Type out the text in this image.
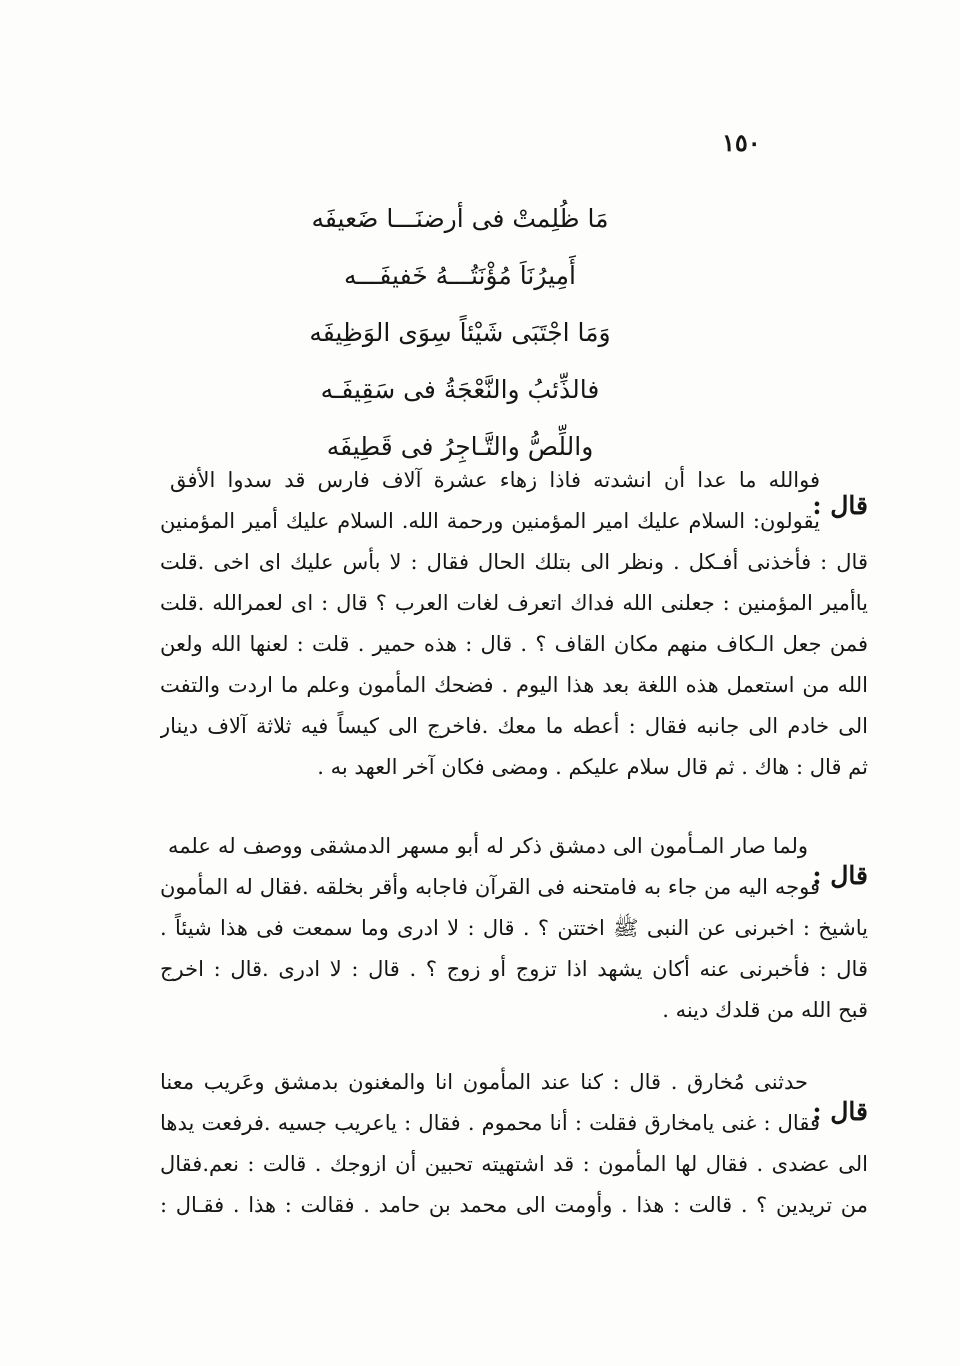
١٥٠
مَا ظُلِمتْ فى أرضنَـــا ضَعيفَه
أَمِيرُنَاَ مُؤْنَتُـــهُ خَفيفَـــه
وَمَا اجْتَبَى شَيْئاً سِوَى الوَظِيفَه
فالذِّئبُ والنَّعْجَةُ فى سَقِيفَـه
واللِّصُّ والتَّـاجِرُ فى قَطِيفَه
قال :
فوالله ما عدا أن انشدته فاذا زهاء عشرة آلاف فارس قد سدوا الأفق
يقولون: السلام عليك امير المؤمنين ورحمة الله. السلام عليك أمير المؤمنين
قال : فأخذنى أفـكل . ونظر الى بتلك الحال فقال : لا بأس عليك اى اخى .قلت
ياأمير المؤمنين : جعلنى الله فداك اتعرف لغات العرب ؟ قال : اى لعمرالله .قلت
فمن جعل الـكاف منهم مكان القاف ؟ . قال : هذه حمير . قلت : لعنها الله ولعن
الله من استعمل هذه اللغة بعد هذا اليوم . فضحك المأمون وعلم ما اردت والتفت
الى خادم الى جانبه فقال : أعطه ما معك .فاخرج الى كيساً فيه ثلاثة آلاف دينار
ثم قال : هاك . ثم قال سلام عليكم . ومضى فكان آخر العهد به .
قال :
ولما صار المـأمون الى دمشق ذكر له أبو مسهر الدمشقى ووصف له علمه
فوجه اليه من جاء به فامتحنه فى القرآن فاجابه وأقر بخلقه .فقال له المأمون
ياشيخ : اخبرنى عن النبى ﷺ اختتن ؟ . قال : لا ادرى وما سمعت فى هذا شيئاً .
قال : فأخبرنى عنه أكان يشهد اذا تزوج أو زوج ؟ . قال : لا ادرى .قال : اخرج
قبح الله من قلدك دينه .
قال :
حدثنى مُخارق . قال : كنا عند المأمون انا والمغنون بدمشق وعَريب معنا
فقال : غنى يامخارق فقلت : أنا محموم . فقال : ياعريب جسيه .فرفعت يدها
الى عضدى . فقال لها المأمون : قد اشتهيته تحبين أن ازوجك . قالت : نعم.فقال
من تريدين ؟ . قالت : هذا . وأومت الى محمد بن حامد . فقالت : هذا . فقـال :
